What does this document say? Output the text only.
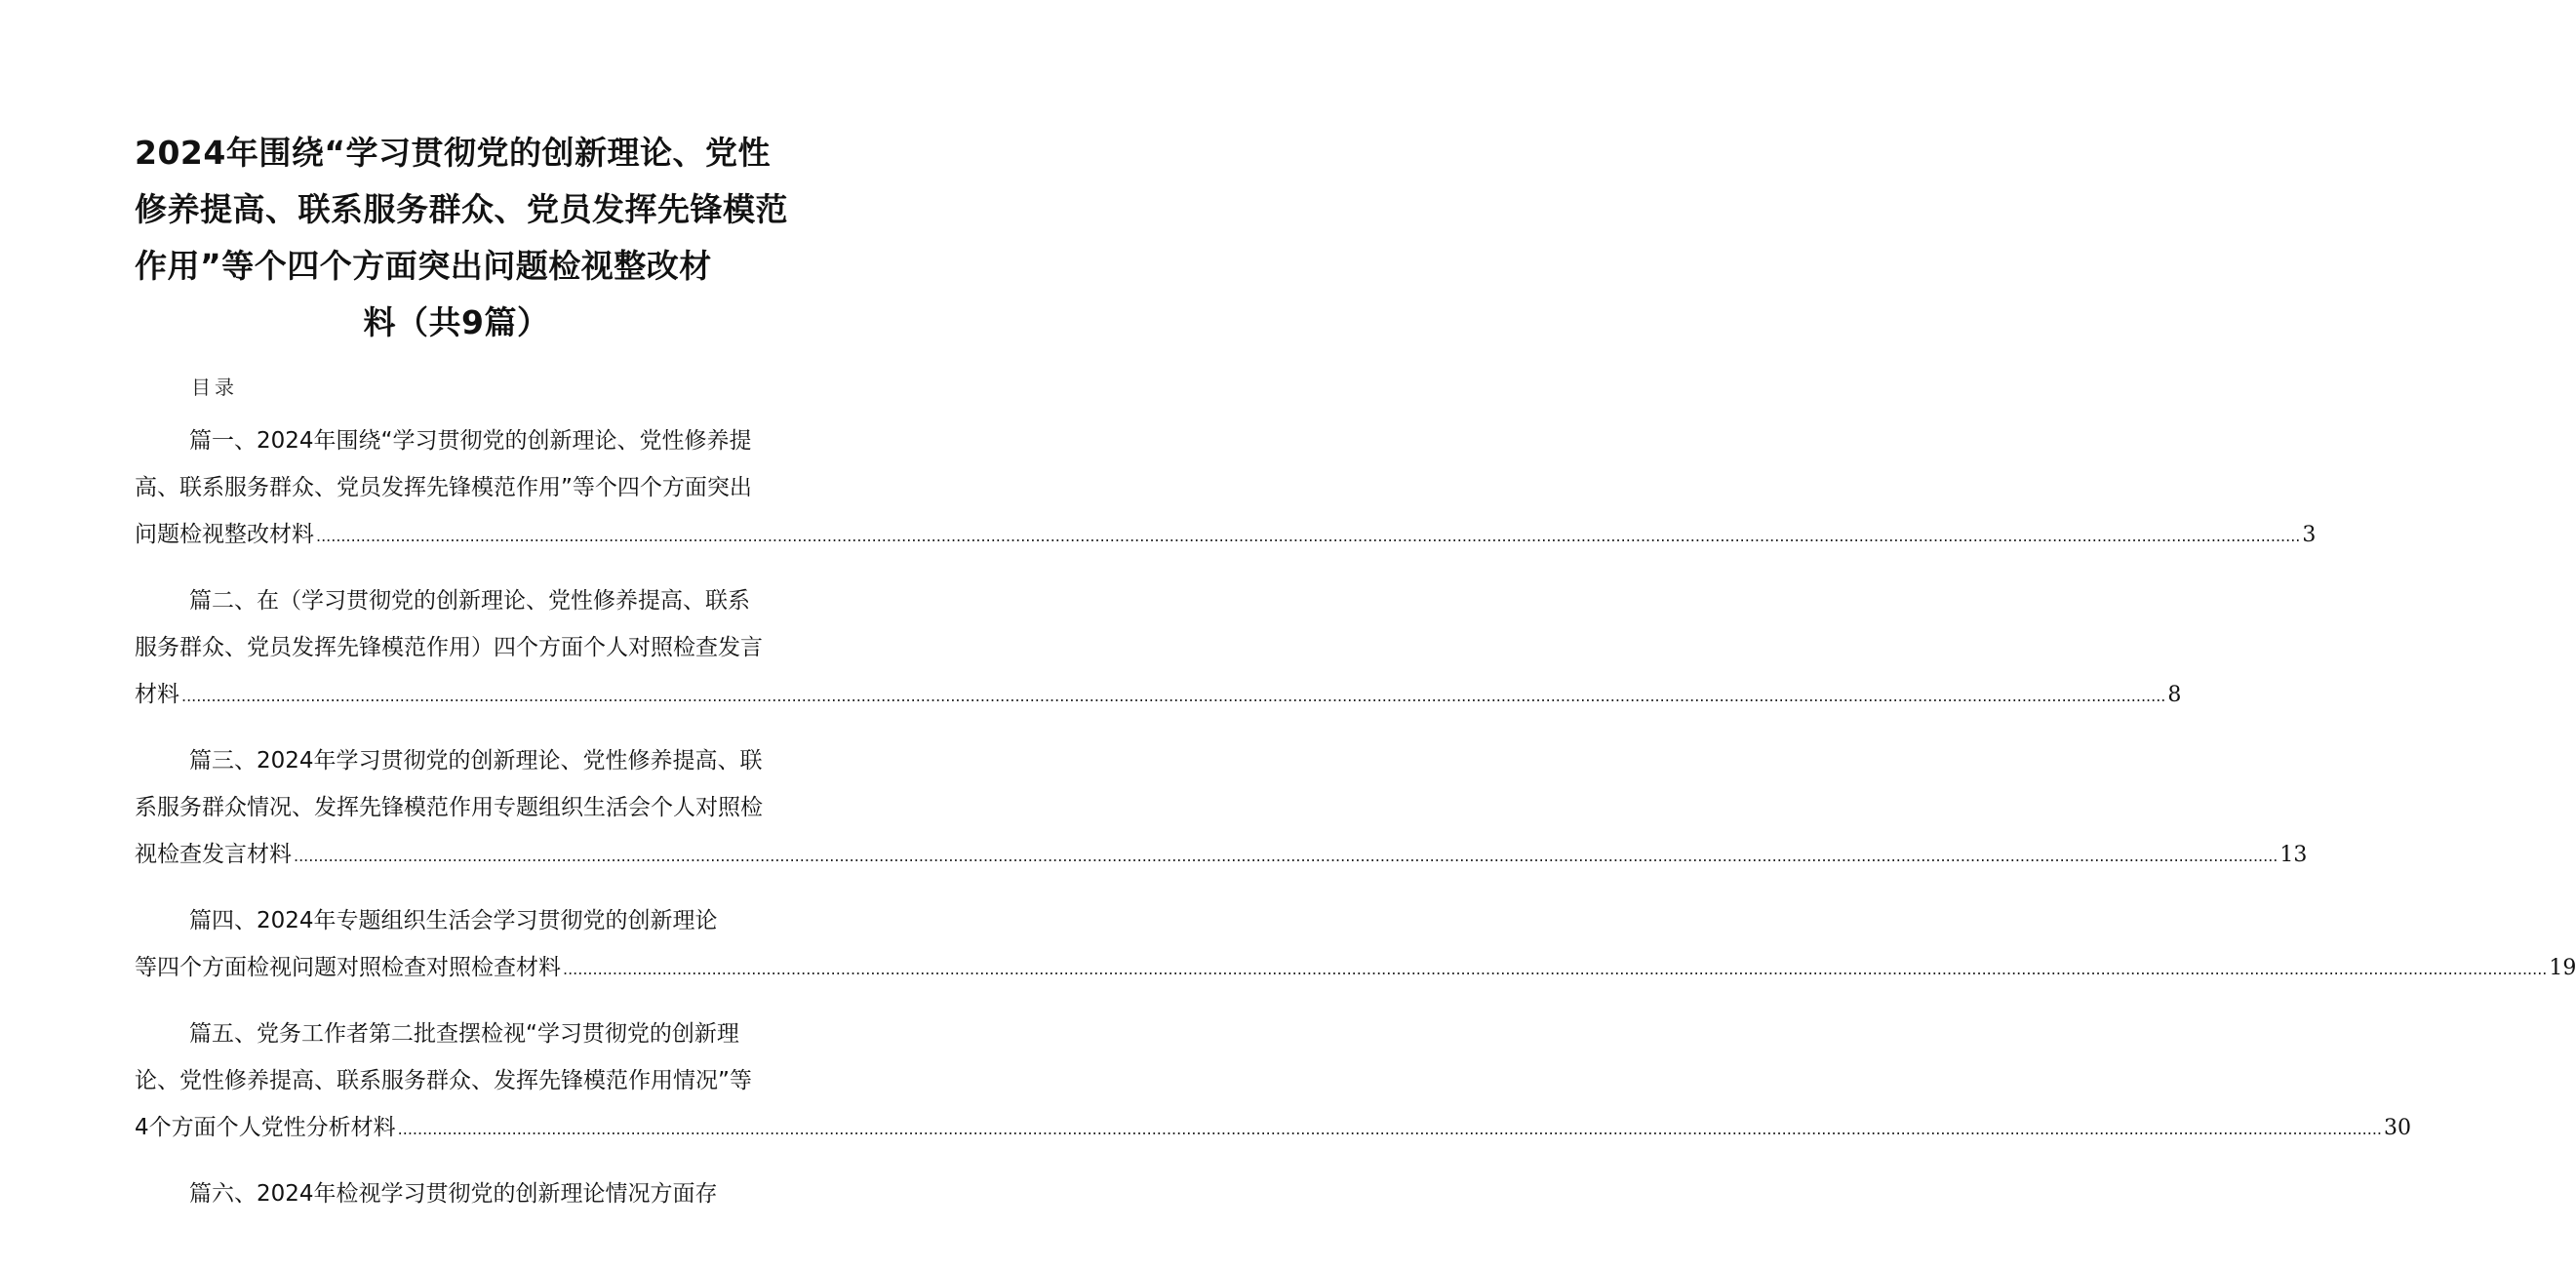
2024年围绕“学习贯彻党的创新理论、党性
修养提高、联系服务群众、党员发挥先锋模范
作用”等个四个方面突出问题检视整改材
料（共9篇）
目录
篇一、2024年围绕“学习贯彻党的创新理论、党性修养提
高、联系服务群众、党员发挥先锋模范作用”等个四个方面突出
问题检视整改材料 ................................................................................................................................................................................................................................................................................................................................................................................................................ 3
篇二、在（学习贯彻党的创新理论、党性修养提高、联系
服务群众、党员发挥先锋模范作用）四个方面个人对照检查发言
材料 ................................................................................................................................................................................................................................................................................................................................................................................................................ 8
篇三、2024年学习贯彻党的创新理论、党性修养提高、联
系服务群众情况、发挥先锋模范作用专题组织生活会个人对照检
视检查发言材料 ................................................................................................................................................................................................................................................................................................................................................................................................................ 13
篇四、2024年专题组织生活会学习贯彻党的创新理论
等四个方面检视问题对照检查对照检查材料 ................................................................................................................................................................................................................................................................................................................................................................................................................ 19
篇五、党务工作者第二批查摆检视“学习贯彻党的创新理
论、党性修养提高、联系服务群众、发挥先锋模范作用情况”等
4个方面个人党性分析材料 ................................................................................................................................................................................................................................................................................................................................................................................................................ 30
篇六、2024年检视学习贯彻党的创新理论情况方面存
